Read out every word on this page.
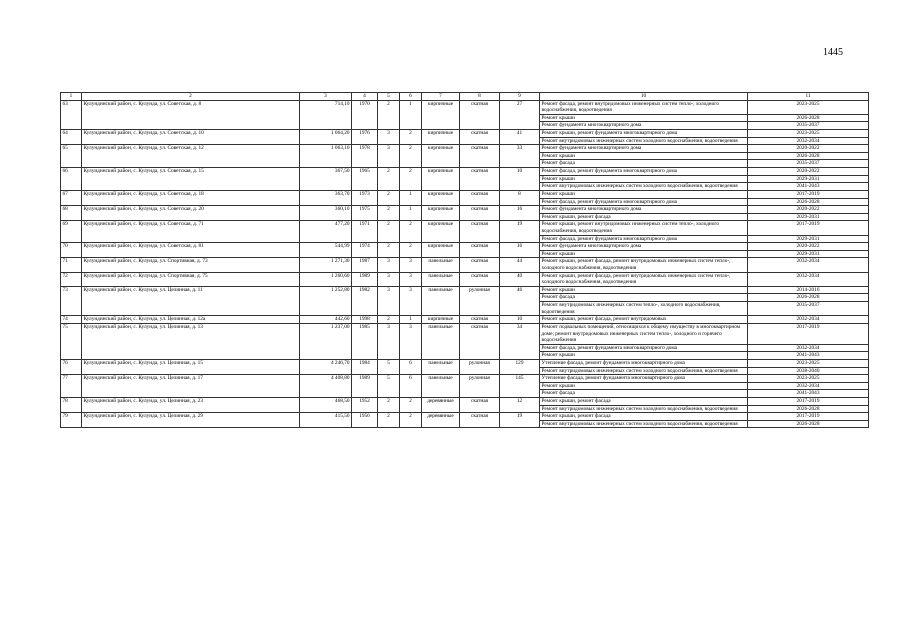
1445
1	2	3	4	5	6	7	8	9	10	11
63	Кулундинский район, с. Кулунда, ул. Советская, д. 8	714,10	1970	2	1	кирпичные	скатная	27	Ремонт фасада, ремонт внутридомовых инженерных систем тепло-, холодного водоснабжения, водоотведения	2023-2025
									Ремонт крыши	2026-2028
									Ремонт фундамента многоквартирного дома	2035-2037
64	Кулундинский район, с. Кулунда, ул. Советская, д. 10	1 064,20	1976	3	2	кирпичные	скатная	41	Ремонт крыши, ремонт фундамента многоквартирного дома	2023-2025
									Ремонт внутридомовых инженерных систем холодного водоснабжения, водоотведения	2032-2034
65	Кулундинский район, с. Кулунда, ул. Советская, д. 12	1 063,10	1978	3	2	кирпичные	скатная	33	Ремонт фундамента многоквартирного дома	2020-2022
									Ремонт крыши	2026-2028
									Ремонт фасада	2035-2037
66	Кулундинский район, с. Кулунда, ул. Советская, д. 15	367,50	1965	2	2	кирпичные	скатная	10	Ремонт фасада, ремонт фундамента многоквартирного дома	2020-2022
									Ремонт крыши	2029-2031
									Ремонт внутридомовых инженерных систем холодного водоснабжения, водоотведения	2041-2043
67	Кулундинский район, с. Кулунда, ул. Советская, д. 18	363,70	1973	2	1	кирпичные	скатная	8	Ремонт крыши	2017-2019
									Ремонт фасада, ремонт фундамента многоквартирного дома	2026-2028
68	Кулундинский район, с. Кулунда, ул. Советская, д. 20	360,10	1975	2	1	кирпичные	скатная	16	Ремонт фундамента многоквартирного дома	2020-2022
									Ремонт крыши, ремонт фасада	2029-2031
69	Кулундинский район, с. Кулунда, ул. Советская, д. 71	477,20	1971	2	2	кирпичные	скатная	19	Ремонт крыши, ремонт внутридомовых инженерных систем тепло-, холодного водоснабжения, водоотведения	2017-2019
									Ремонт фасада, ремонт фундамента многоквартирного дома	2029-2031
70	Кулундинский район, с. Кулунда, ул. Советская, д. 81	544,99	1974	2	2	кирпичные	скатная	16	Ремонт фундамента многоквартирного дома	2020-2022
									Ремонт крыши	2029-2031
71	Кулундинский район, с. Кулунда, ул. Спортивная, д. 73	1 271,30	1987	3	3	панельные	скатная	44	Ремонт крыши, ремонт фасада, ремонт внутридомовых инженерных систем тепло-, холодного водоснабжения, водоотведения	2032-2034
72	Кулундинский район, с. Кулунда, ул. Спортивная, д. 75	1 260,60	1989	3	3	панельные	скатная	40	Ремонт крыши, ремонт фасада, ремонт внутридомовых инженерных систем тепло-, холодного водоснабжения, водоотведения	2032-2034
73	Кулундинский район, с. Кулунда, ул. Целинная, д. 11	1 252,80	1982	3	3	панельные	рулонная	46	Ремонт крыши	2014-2016
									Ремонт фасада	2026-2028
									Ремонт внутридомовых инженерных систем тепло-, холодного водоснабжения, водоотведения	2035-2037
74	Кулундинский район, с. Кулунда, ул. Целинная, д. 12а	442,60	1998	2	1	кирпичные	скатная	10	Ремонт крыши, ремонт фасада, ремонт внутридомовых	2032-2034
75	Кулундинский район, с. Кулунда, ул. Целинная, д. 13	1 237,00	1985	3	3	панельные	скатная	34	Ремонт подвальных помещений, относящихся к общему имуществу в многоквартирном доме; ремонт внутридомовых инженерных систем тепло-, холодного и горячего водоснабжения	2017-2019
									Ремонт фасада, ремонт фундамента многоквартирного дома	2032-2034
									Ремонт крыши	2041-2043
76	Кулундинский район, с. Кулунда, ул. Целинная, д. 15	4 246,70	1984	5	6	панельные	рулонная	129	Утепление фасада, ремонт фундамента многоквартирного дома	2023-2025
									Ремонт внутридомовых инженерных систем холодного водоснабжения, водоотведения	2038-2040
77	Кулундинский район, с. Кулунда, ул. Целинная, д. 17	4 408,80	1989	5	6	панельные	рулонная	145	Утепление фасада, ремонт фундамента многоквартирного дома	2023-2025
									Ремонт крыши	2032-2034
									Ремонт фасада	2041-2043
78	Кулундинский район, с. Кулунда, ул. Целинная, д. 23	468,50	1952	2	2	деревянные	скатная	12	Ремонт крыши, ремонт фасада	2017-2019
									Ремонт внутридомовых инженерных систем холодного водоснабжения, водоотведения	2026-2028
79	Кулундинский район, с. Кулунда, ул. Целинная, д. 29	415,50	1956	2	2	деревянные	скатная	19	Ремонт крыши, ремонт фасада	2017-2019
									Ремонт внутридомовых инженерных систем холодного водоснабжения, водоотведения	2026-2028
